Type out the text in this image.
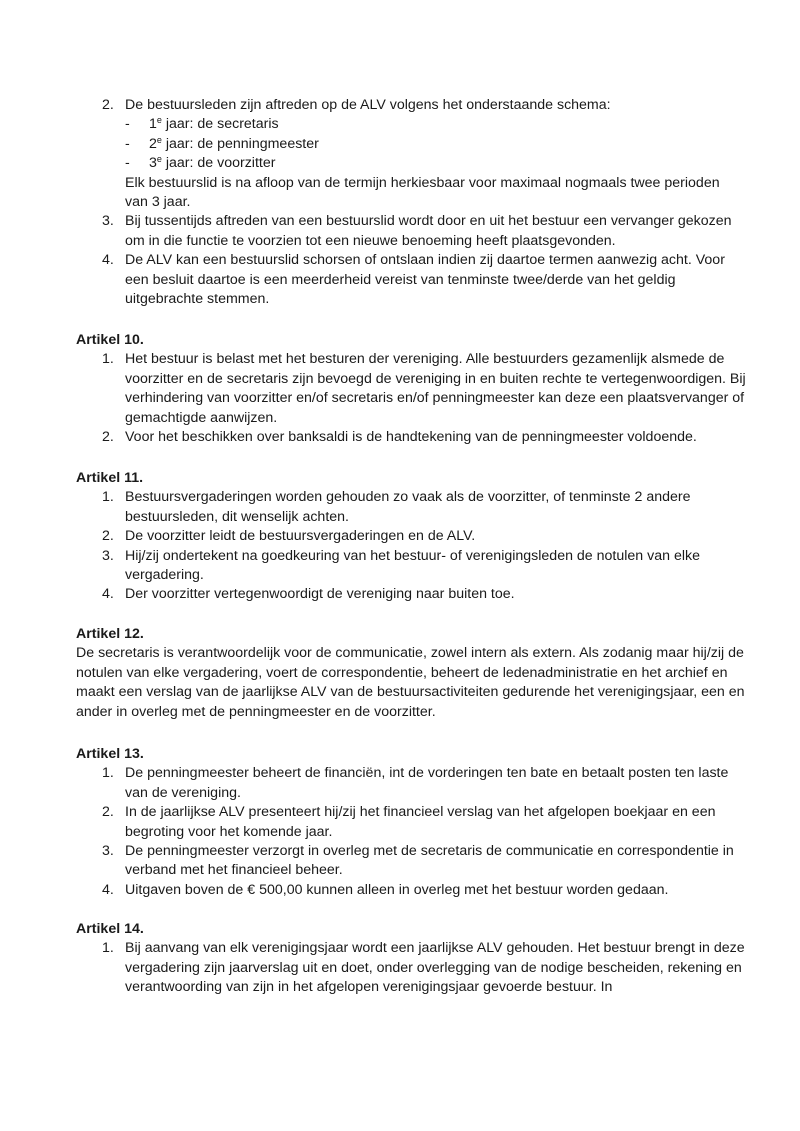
2. De bestuursleden zijn aftreden op de ALV volgens het onderstaande schema:
- 1e jaar: de secretaris
- 2e jaar: de penningmeester
- 3e jaar: de voorzitter
Elk bestuurslid is na afloop van de termijn herkiesbaar voor maximaal nogmaals twee perioden van 3 jaar.
3. Bij tussentijds aftreden van een bestuurslid wordt door en uit het bestuur een vervanger gekozen om in die functie te voorzien tot een nieuwe benoeming heeft plaatsgevonden.
4. De ALV kan een bestuurslid schorsen of ontslaan indien zij daartoe termen aanwezig acht. Voor een besluit daartoe is een meerderheid vereist van tenminste twee/derde van het geldig uitgebrachte stemmen.
Artikel 10.
1. Het bestuur is belast met het besturen der vereniging. Alle bestuurders gezamenlijk alsmede de voorzitter en de secretaris zijn bevoegd de vereniging in en buiten rechte te vertegenwoordigen. Bij verhindering van voorzitter en/of secretaris en/of penningmeester kan deze een plaatsvervanger of gemachtigde aanwijzen.
2. Voor het beschikken over banksaldi is de handtekening van de penningmeester voldoende.
Artikel 11.
1. Bestuursvergaderingen worden gehouden zo vaak als de voorzitter, of tenminste 2 andere bestuursleden, dit wenselijk achten.
2. De voorzitter leidt de bestuursvergaderingen en de ALV.
3. Hij/zij ondertekent na goedkeuring van het bestuur- of verenigingsleden de notulen van elke vergadering.
4. Der voorzitter vertegenwoordigt de vereniging naar buiten toe.
Artikel 12.
De secretaris is verantwoordelijk voor de communicatie, zowel intern als extern. Als zodanig maar hij/zij de notulen van elke vergadering, voert de correspondentie, beheert de ledenadministratie en het archief en maakt een verslag van de jaarlijkse ALV van de bestuursactiviteiten gedurende het verenigingsjaar, een en ander in overleg met de penningmeester en de voorzitter.
Artikel 13.
1. De penningmeester beheert de financiën, int de vorderingen ten bate en betaalt posten ten laste van de vereniging.
2. In de jaarlijkse ALV presenteert hij/zij het financieel verslag van het afgelopen boekjaar en een begroting voor het komende jaar.
3. De penningmeester verzorgt in overleg met de secretaris de communicatie en correspondentie in verband met het financieel beheer.
4. Uitgaven boven de € 500,00 kunnen alleen in overleg met het bestuur worden gedaan.
Artikel 14.
1. Bij aanvang van elk verenigingsjaar wordt een jaarlijkse ALV gehouden. Het bestuur brengt in deze vergadering zijn jaarverslag uit en doet, onder overlegging van de nodige bescheiden, rekening en verantwoording van zijn in het afgelopen verenigingsjaar gevoerde bestuur. In
